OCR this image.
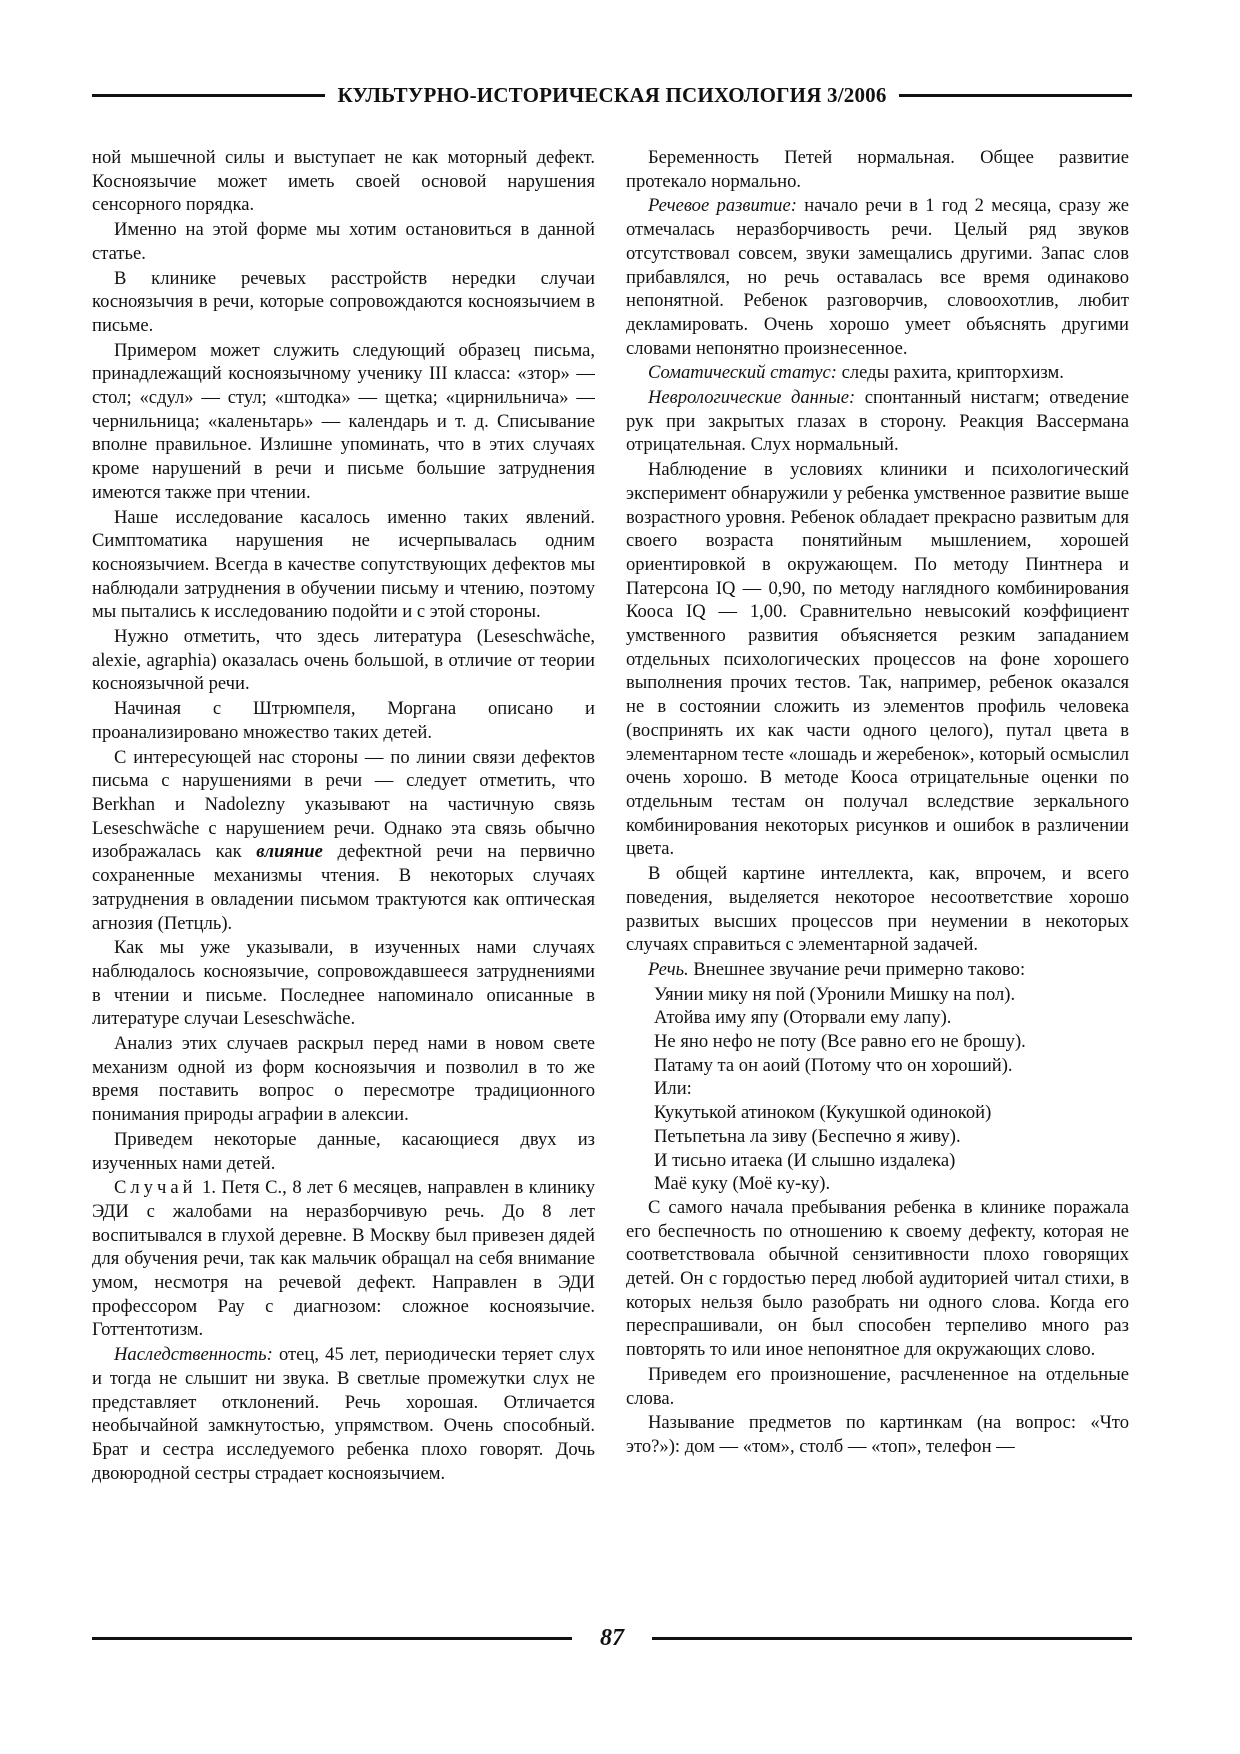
КУЛЬТУРНО-ИСТОРИЧЕСКАЯ ПСИХОЛОГИЯ 3/2006

ной мышечной силы и выступает не как моторный дефект. Косноязычие может иметь своей основой нарушения сенсорного порядка.

Именно на этой форме мы хотим остановиться в данной статье.

В клинике речевых расстройств нередки случаи косноязычия в речи, которые сопровождаются косноязычием в письме.

Примером может служить следующий образец письма, принадлежащий косноязычному ученику III класса: «зтор» — стол; «сдул» — стул; «штодка» — щетка; «цирнильнича» — чернильница; «каленьтарь» — календарь и т. д. Списывание вполне правильное. Излишне упоминать, что в этих случаях кроме нарушений в речи и письме большие затруднения имеются также при чтении.

Наше исследование касалось именно таких явлений. Симптоматика нарушения не исчерпывалась одним косноязычием. Всегда в качестве сопутствующих дефектов мы наблюдали затруднения в обучении письму и чтению, поэтому мы пытались к исследованию подойти и с этой стороны.

Нужно отметить, что здесь литература (Leseschwäche, alexie, agraphia) оказалась очень большой, в отличие от теории косноязычной речи.

Начиная с Штрюмпеля, Моргана описано и проанализировано множество таких детей.

С интересующей нас стороны — по линии связи дефектов письма с нарушениями в речи — следует отметить, что Berkhan и Nadolezny указывают на частичную связь Leseschwäche с нарушением речи. Однако эта связь обычно изображалась как влияние дефектной речи на первично сохраненные механизмы чтения. В некоторых случаях затруднения в овладении письмом трактуются как оптическая агнозия (Петцль).

Как мы уже указывали, в изученных нами случаях наблюдалось косноязычие, сопровождавшееся затруднениями в чтении и письме. Последнее напоминало описанные в литературе случаи Leseschwäche.

Анализ этих случаев раскрыл перед нами в новом свете механизм одной из форм косноязычия и позволил в то же время поставить вопрос о пересмотре традиционного понимания природы аграфии в алексии.

Приведем некоторые данные, касающиеся двух из изученных нами детей.

Случай 1. Петя С., 8 лет 6 месяцев, направлен в клинику ЭДИ с жалобами на неразборчивую речь. До 8 лет воспитывался в глухой деревне. В Москву был привезен дядей для обучения речи, так как мальчик обращал на себя внимание умом, несмотря на речевой дефект. Направлен в ЭДИ профессором Рау с диагнозом: сложное косноязычие. Готтентотизм.

Наследственность: отец, 45 лет, периодически теряет слух и тогда не слышит ни звука. В светлые промежутки слух не представляет отклонений. Речь хорошая. Отличается необычайной замкнутостью, упрямством. Очень способный. Брат и сестра исследуемого ребенка плохо говорят. Дочь двоюродной сестры страдает косноязычием.

Беременность Петей нормальная. Общее развитие протекало нормально.

Речевое развитие: начало речи в 1 год 2 месяца, сразу же отмечалась неразборчивость речи. Целый ряд звуков отсутствовал совсем, звуки замещались другими. Запас слов прибавлялся, но речь оставалась все время одинаково непонятной. Ребенок разговорчив, словоохотлив, любит декламировать. Очень хорошо умеет объяснять другими словами непонятно произнесенное.

Соматический статус: следы рахита, крипторхизм.

Неврологические данные: спонтанный нистагм; отведение рук при закрытых глазах в сторону. Реакция Вассермана отрицательная. Слух нормальный.

Наблюдение в условиях клиники и психологический эксперимент обнаружили у ребенка умственное развитие выше возрастного уровня. Ребенок обладает прекрасно развитым для своего возраста понятийным мышлением, хорошей ориентировкой в окружающем. По методу Пинтнера и Патерсона IQ — 0,90, по методу наглядного комбинирования Кооса IQ — 1,00. Сравнительно невысокий коэффициент умственного развития объясняется резким западанием отдельных психологических процессов на фоне хорошего выполнения прочих тестов. Так, например, ребенок оказался не в состоянии сложить из элементов профиль человека (воспринять их как части одного целого), путал цвета в элементарном тесте «лошадь и жеребенок», который осмыслил очень хорошо. В методе Кооса отрицательные оценки по отдельным тестам он получал вследствие зеркального комбинирования некоторых рисунков и ошибок в различении цвета.

В общей картине интеллекта, как, впрочем, и всего поведения, выделяется некоторое несоответствие хорошо развитых высших процессов при неумении в некоторых случаях справиться с элементарной задачей.

Речь. Внешнее звучание речи примерно таково:

Уянии мику ня пой (Уронили Мишку на пол).

Атойва иму япу (Оторвали ему лапу).

Не яно нефо не поту (Все равно его не брошу).

Патаму та он аоий (Потому что он хороший).

Или:

Кукутькой атиноком (Кукушкой одинокой)

Петьпетьна ла зиву (Беспечно я живу).

И тисьно итаека (И слышно издалека)

Маё куку (Моё ку-ку).

С самого начала пребывания ребенка в клинике поражала его беспечность по отношению к своему дефекту, которая не соответствовала обычной сензитивности плохо говорящих детей. Он с гордостью перед любой аудиторией читал стихи, в которых нельзя было разобрать ни одного слова. Когда его переспрашивали, он был способен терпеливо много раз повторять то или иное непонятное для окружающих слово.

Приведем его произношение, расчлененное на отдельные слова.

Называние предметов по картинкам (на вопрос: «Что это?»): дом — «том», столб — «топ», телефон —

87
